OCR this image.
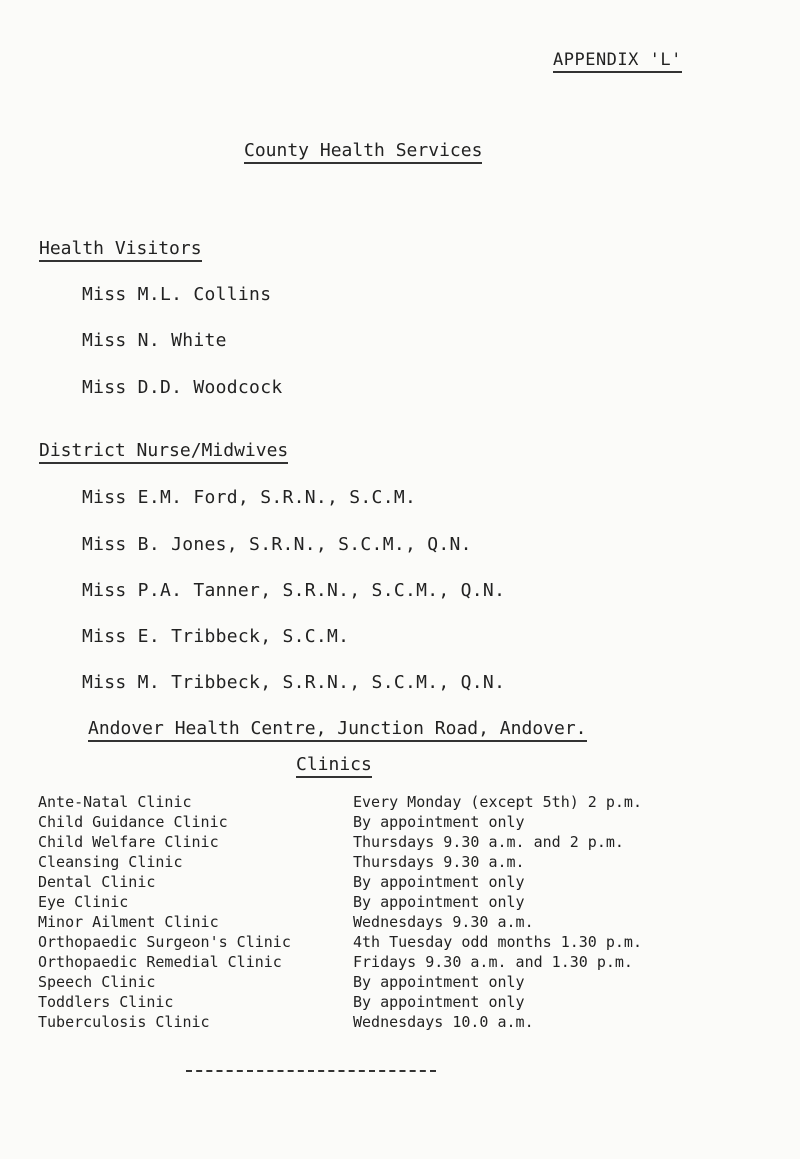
APPENDIX 'L'
County Health Services
Health Visitors
Miss M.L. Collins
Miss N. White
Miss D.D. Woodcock
District Nurse/Midwives
Miss E.M. Ford, S.R.N., S.C.M.
Miss B. Jones, S.R.N., S.C.M., Q.N.
Miss P.A. Tanner, S.R.N., S.C.M., Q.N.
Miss E. Tribbeck, S.C.M.
Miss M. Tribbeck, S.R.N., S.C.M., Q.N.
Andover Health Centre, Junction Road, Andover.
Clinics
Ante-Natal Clinic	Every Monday (except 5th) 2 p.m.
Child Guidance Clinic	By appointment only
Child Welfare Clinic	Thursdays 9.30 a.m. and 2 p.m.
Cleansing Clinic	Thursdays 9.30 a.m.
Dental Clinic	By appointment only
Eye Clinic	By appointment only
Minor Ailment Clinic	Wednesdays 9.30 a.m.
Orthopaedic Surgeon's Clinic	4th Tuesday odd months 1.30 p.m.
Orthopaedic Remedial Clinic	Fridays 9.30 a.m. and 1.30 p.m.
Speech Clinic	By appointment only
Toddlers Clinic	By appointment only
Tuberculosis Clinic	Wednesdays 10.0 a.m.
